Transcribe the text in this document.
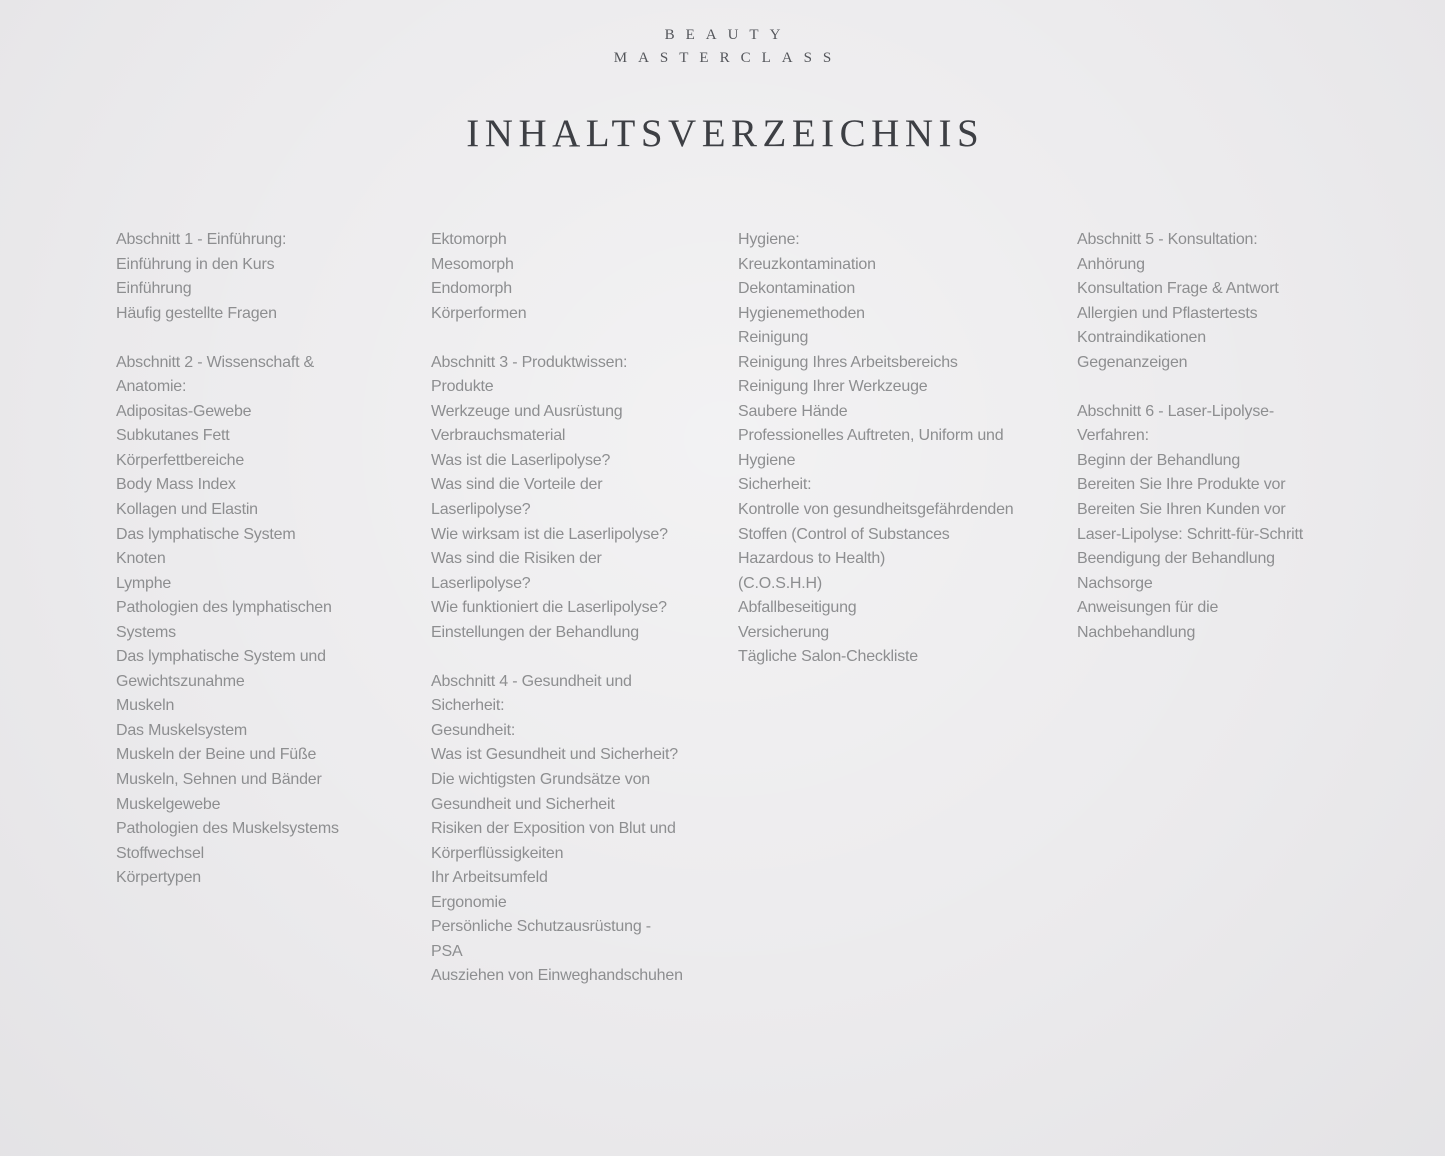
BEAUTY
MASTERCLASS
INHALTSVERZEICHNIS
Abschnitt 1 - Einführung:
Einführung in den Kurs
Einführung
Häufig gestellte Fragen
Abschnitt 2 - Wissenschaft &
Anatomie:
Adipositas-Gewebe
Subkutanes Fett
Körperfettbereiche
Body Mass Index
Kollagen und Elastin
Das lymphatische System
Knoten
Lymphe
Pathologien des lymphatischen
Systems
Das lymphatische System und
Gewichtszunahme
Muskeln
Das Muskelsystem
Muskeln der Beine und Füße
Muskeln, Sehnen und Bänder
Muskelgewebe
Pathologien des Muskelsystems
Stoffwechsel
Körpertypen
Ektomorph
Mesomorph
Endomorph
Körperformen
Abschnitt 3 - Produktwissen:
Produkte
Werkzeuge und Ausrüstung
Verbrauchsmaterial
Was ist die Laserlipolyse?
Was sind die Vorteile der
Laserlipolyse?
Wie wirksam ist die Laserlipolyse?
Was sind die Risiken der
Laserlipolyse?
Wie funktioniert die Laserlipolyse?
Einstellungen der Behandlung
Abschnitt 4 - Gesundheit und
Sicherheit:
Gesundheit:
Was ist Gesundheit und Sicherheit?
Die wichtigsten Grundsätze von
Gesundheit und Sicherheit
Risiken der Exposition von Blut und
Körperflüssigkeiten
Ihr Arbeitsumfeld
Ergonomie
Persönliche Schutzausrüstung -
PSA
Ausziehen von Einweghandschuhen
Hygiene:
Kreuzkontamination
Dekontamination
Hygienemethoden
Reinigung
Reinigung Ihres Arbeitsbereichs
Reinigung Ihrer Werkzeuge
Saubere Hände
Professionelles Auftreten, Uniform und
Hygiene
Sicherheit:
Kontrolle von gesundheitsgefährdenden
Stoffen (Control of Substances
Hazardous to Health)
(C.O.S.H.H)
Abfallbeseitigung
Versicherung
Tägliche Salon-Checkliste
Abschnitt 5 - Konsultation:
Anhörung
Konsultation Frage & Antwort
Allergien und Pflastertests
Kontraindikationen
Gegenanzeigen
Abschnitt 6 - Laser-Lipolyse-
Verfahren:
Beginn der Behandlung
Bereiten Sie Ihre Produkte vor
Bereiten Sie Ihren Kunden vor
Laser-Lipolyse: Schritt-für-Schritt
Beendigung der Behandlung
Nachsorge
Anweisungen für die
Nachbehandlung
